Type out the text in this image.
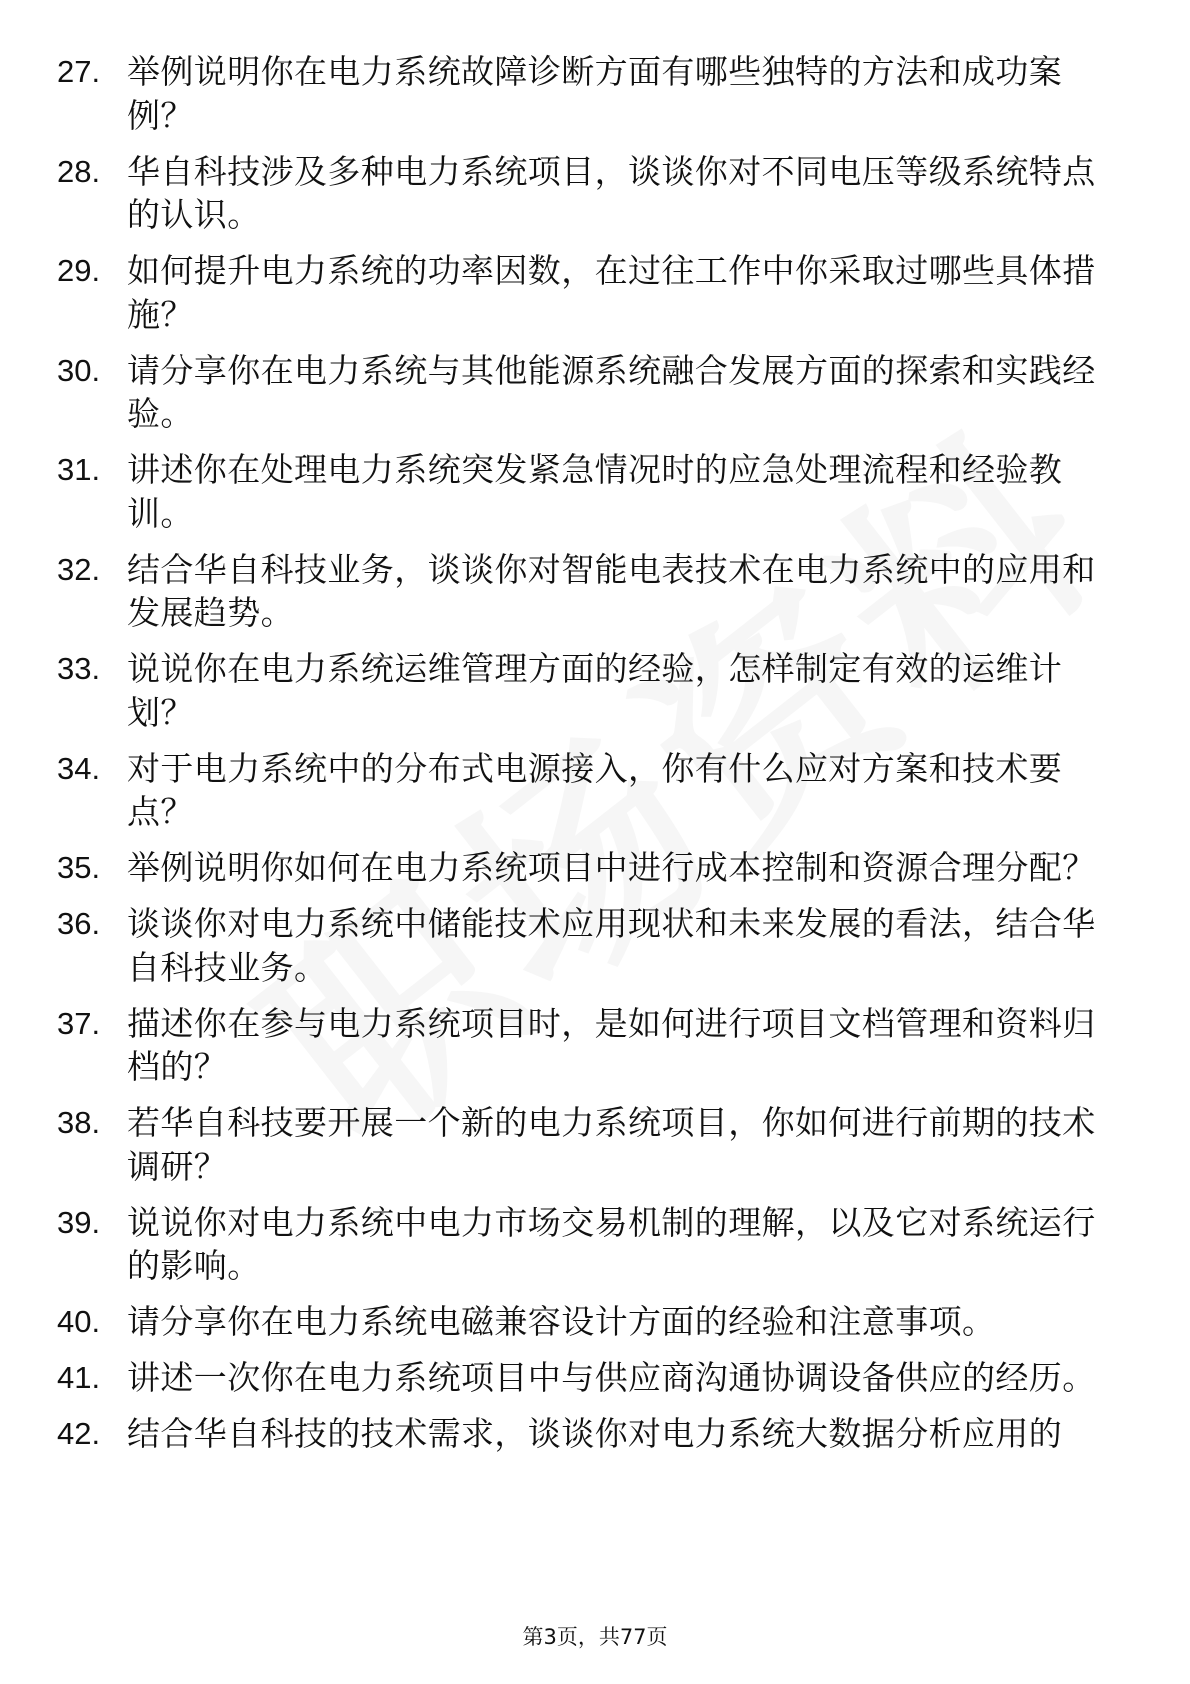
27. 举例说明你在电力系统故障诊断方面有哪些独特的方法和成功案例？
28. 华自科技涉及多种电力系统项目，谈谈你对不同电压等级系统特点的认识。
29. 如何提升电力系统的功率因数，在过往工作中你采取过哪些具体措施？
30. 请分享你在电力系统与其他能源系统融合发展方面的探索和实践经验。
31. 讲述你在处理电力系统突发紧急情况时的应急处理流程和经验教训。
32. 结合华自科技业务，谈谈你对智能电表技术在电力系统中的应用和发展趋势。
33. 说说你在电力系统运维管理方面的经验，怎样制定有效的运维计划？
34. 对于电力系统中的分布式电源接入，你有什么应对方案和技术要点？
35. 举例说明你如何在电力系统项目中进行成本控制和资源合理分配？
36. 谈谈你对电力系统中储能技术应用现状和未来发展的看法，结合华自科技业务。
37. 描述你在参与电力系统项目时，是如何进行项目文档管理和资料归档的？
38. 若华自科技要开展一个新的电力系统项目，你如何进行前期的技术调研？
39. 说说你对电力系统中电力市场交易机制的理解，以及它对系统运行的影响。
40. 请分享你在电力系统电磁兼容设计方面的经验和注意事项。
41. 讲述一次你在电力系统项目中与供应商沟通协调设备供应的经历。
42. 结合华自科技的技术需求，谈谈你对电力系统大数据分析应用的
第3页，共77页
